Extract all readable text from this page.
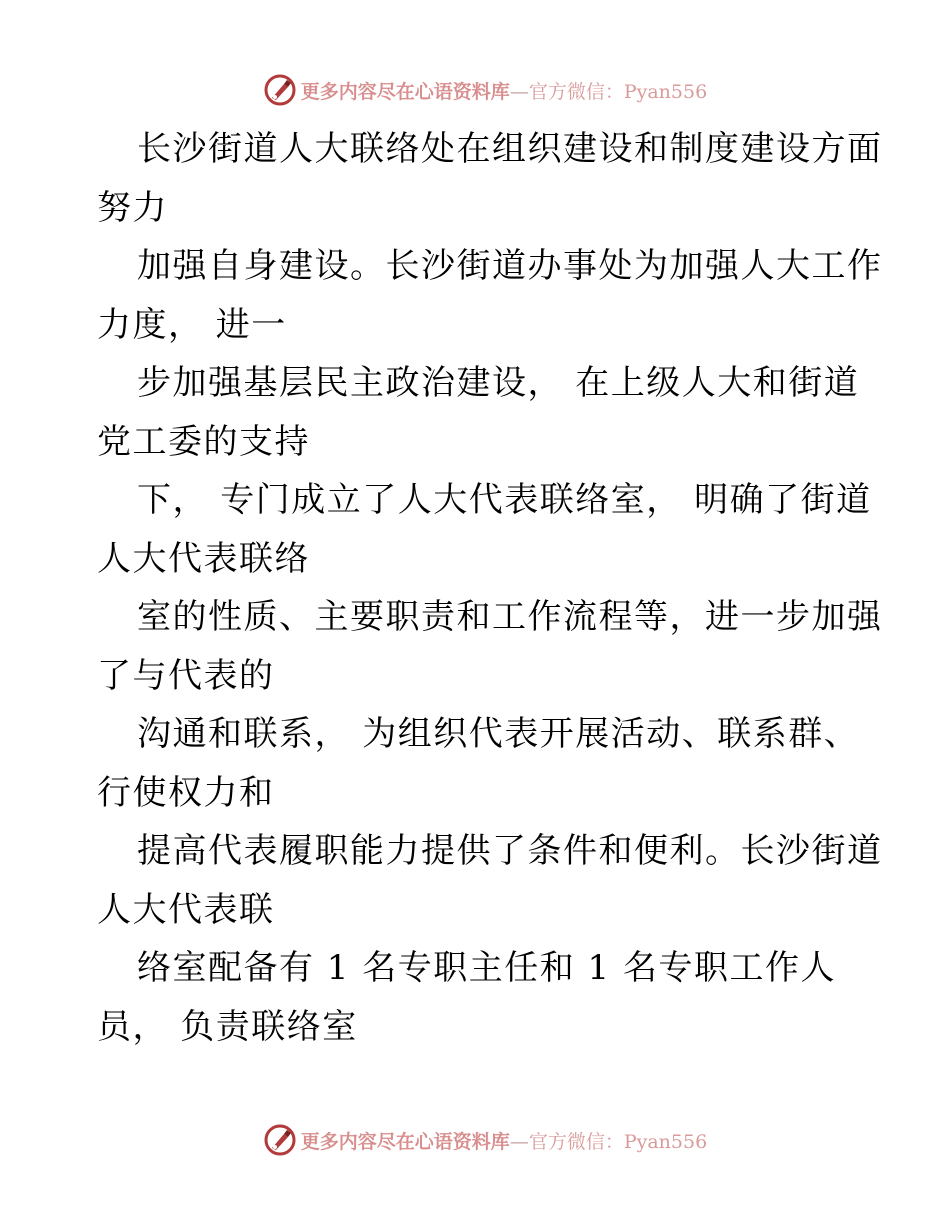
更多内容尽在心语资料库—官方微信：Pyan556
长沙街道人大联络处在组织建设和制度建设方面
努力
加强自身建设。长沙街道办事处为加强人大工作
力度， 进一
步加强基层民主政治建设， 在上级人大和街道
党工委的支持
下， 专门成立了人大代表联络室， 明确了街道
人大代表联络
室的性质、主要职责和工作流程等，进一步加强
了与代表的
沟通和联系， 为组织代表开展活动、联系群、
行使权力和
提高代表履职能力提供了条件和便利。长沙街道
人大代表联
络室配备有 1 名专职主任和 1 名专职工作人
员， 负责联络室
更多内容尽在心语资料库—官方微信：Pyan556
